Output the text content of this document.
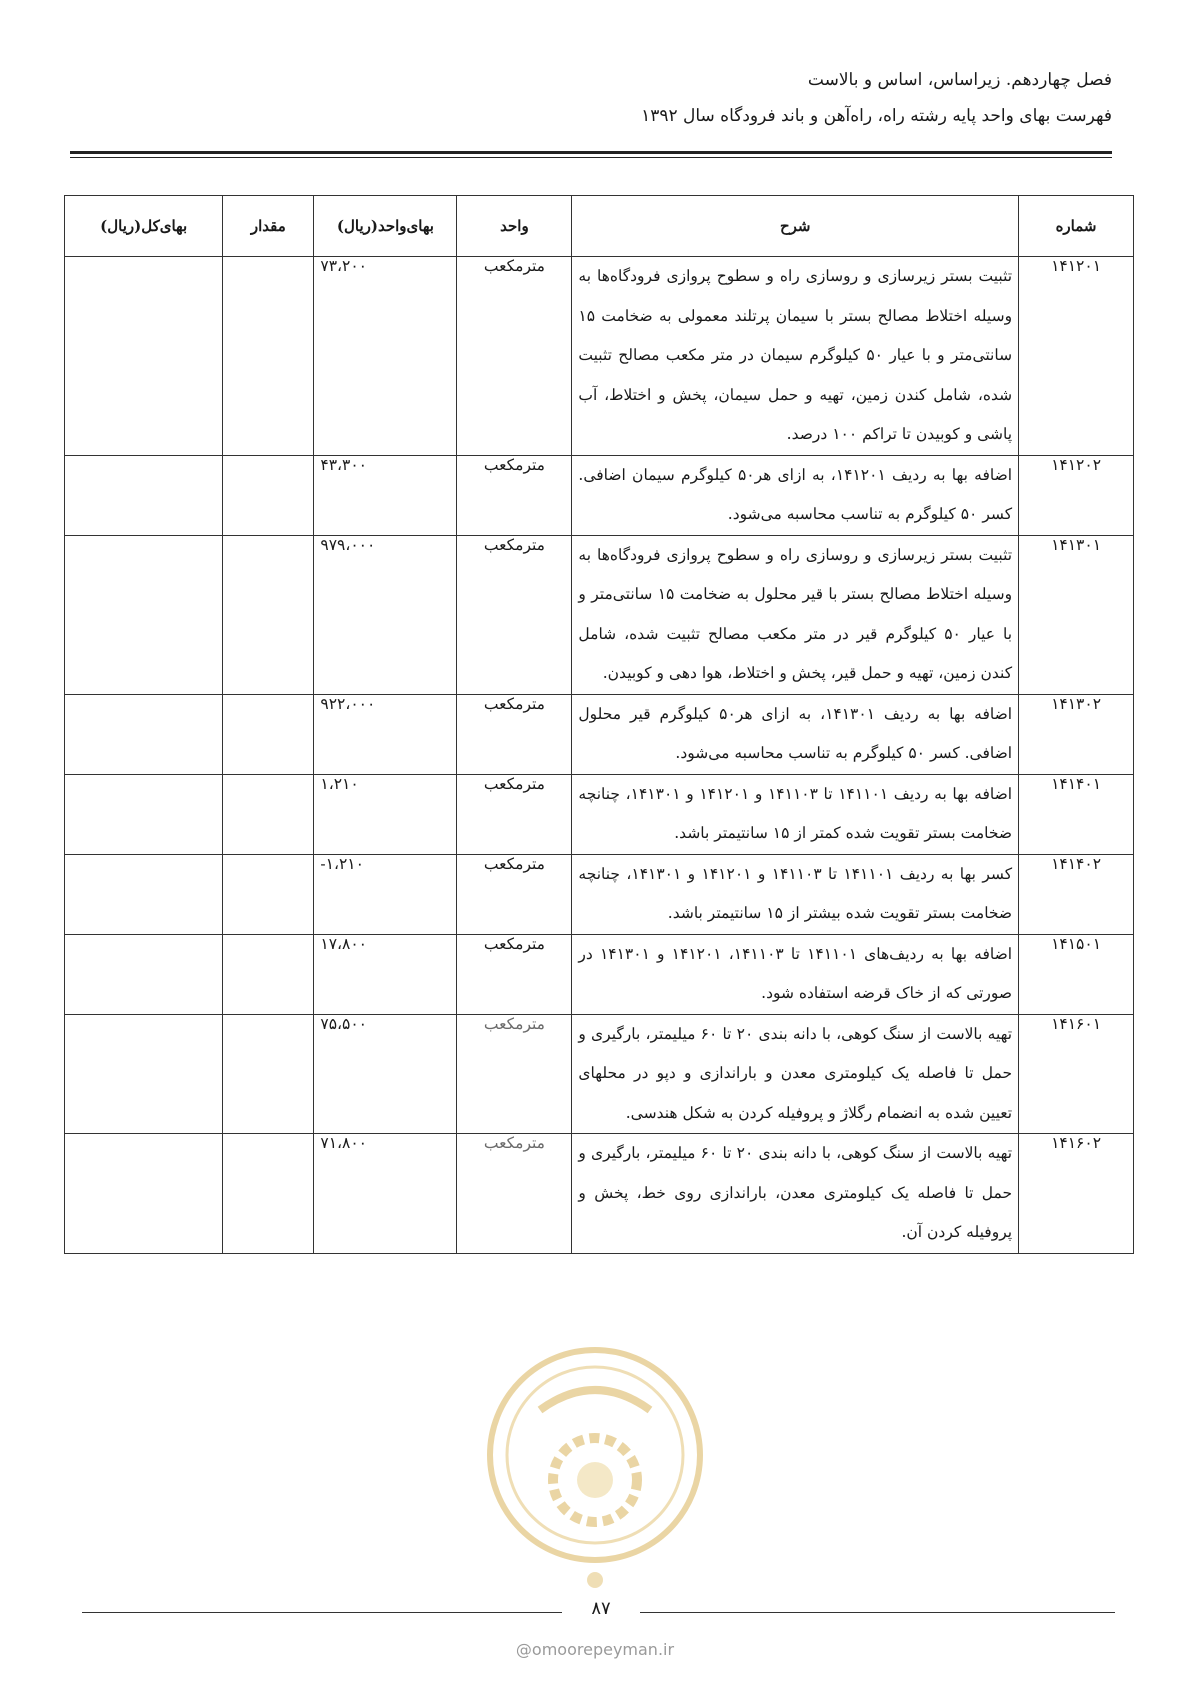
فصل چهاردهم. زیراساس، اساس و بالاست
فهرست بهای واحد پایه رشته راه، راه‌آهن و باند فرودگاه سال ۱۳۹۲
شماره	شرح	واحد	بهای‌واحد(ریال)	مقدار	بهای‌کل(ریال)
۱۴۱۲۰۱	تثبیت بستر زیرسازی و روسازی راه و سطوح پروازی فرودگاه‌ها به وسیله اختلاط مصالح بستر با سیمان پرتلند معمولی به ضخامت ۱۵ سانتی‌متر و با عیار ۵۰ کیلوگرم سیمان در متر مکعب مصالح تثبیت شده، شامل کندن زمین، تهیه و حمل سیمان، پخش و اختلاط، آب پاشی و کوبیدن تا تراکم ۱۰۰ درصد.	مترمکعب	۷۳،۲۰۰		
۱۴۱۲۰۲	اضافه بها به ردیف ۱۴۱۲۰۱، به ازای هر۵۰ کیلوگرم سیمان اضافی. کسر ۵۰ کیلوگرم به تناسب محاسبه می‌شود.	مترمکعب	۴۳،۳۰۰		
۱۴۱۳۰۱	تثبیت بستر زیرسازی و روسازی راه و سطوح پروازی فرودگاه‌ها به وسیله اختلاط مصالح بستر با قیر محلول به ضخامت ۱۵ سانتی‌متر و با عیار ۵۰ کیلوگرم قیر در متر مکعب مصالح تثبیت شده، شامل کندن زمین، تهیه و حمل قیر، پخش و اختلاط، هوا دهی و کوبیدن.	مترمکعب	۹۷۹،۰۰۰		
۱۴۱۳۰۲	اضافه بها به ردیف ۱۴۱۳۰۱، به ازای هر۵۰ کیلوگرم قیر محلول اضافی. کسر ۵۰ کیلوگرم به تناسب محاسبه می‌شود.	مترمکعب	۹۲۲،۰۰۰		
۱۴۱۴۰۱	اضافه بها به ردیف ۱۴۱۱۰۱ تا ۱۴۱۱۰۳ و ۱۴۱۲۰۱ و ۱۴۱۳۰۱، چنانچه ضخامت بستر تقویت شده کمتر از ۱۵ سانتیمتر باشد.	مترمکعب	۱،۲۱۰		
۱۴۱۴۰۲	کسر بها به ردیف ۱۴۱۱۰۱ تا ۱۴۱۱۰۳ و ۱۴۱۲۰۱ و ۱۴۱۳۰۱، چنانچه ضخامت بستر تقویت شده بیشتر از ۱۵ سانتیمتر باشد.	مترمکعب	-۱،۲۱۰		
۱۴۱۵۰۱	اضافه بها به ردیف‌های ۱۴۱۱۰۱ تا ۱۴۱۱۰۳، ۱۴۱۲۰۱ و ۱۴۱۳۰۱ در صورتی که از خاک قرضه استفاده شود.	مترمکعب	۱۷،۸۰۰		
۱۴۱۶۰۱	تهیه بالاست از سنگ کوهی، با دانه بندی ۲۰ تا ۶۰ میلیمتر، بارگیری و حمل تا فاصله یک کیلومتری معدن و باراندازی و دپو در محلهای تعیین شده به انضمام رگلاژ و پروفیله کردن به شکل هندسی.	مترمکعب	۷۵،۵۰۰		
۱۴۱۶۰۲	تهیه بالاست از سنگ کوهی، با دانه بندی ۲۰ تا ۶۰ میلیمتر، بارگیری و حمل تا فاصله یک کیلومتری معدن، باراندازی روی خط، پخش و پروفیله کردن آن.	مترمکعب	۷۱،۸۰۰		
۸۷
@omoorepeyman.ir
